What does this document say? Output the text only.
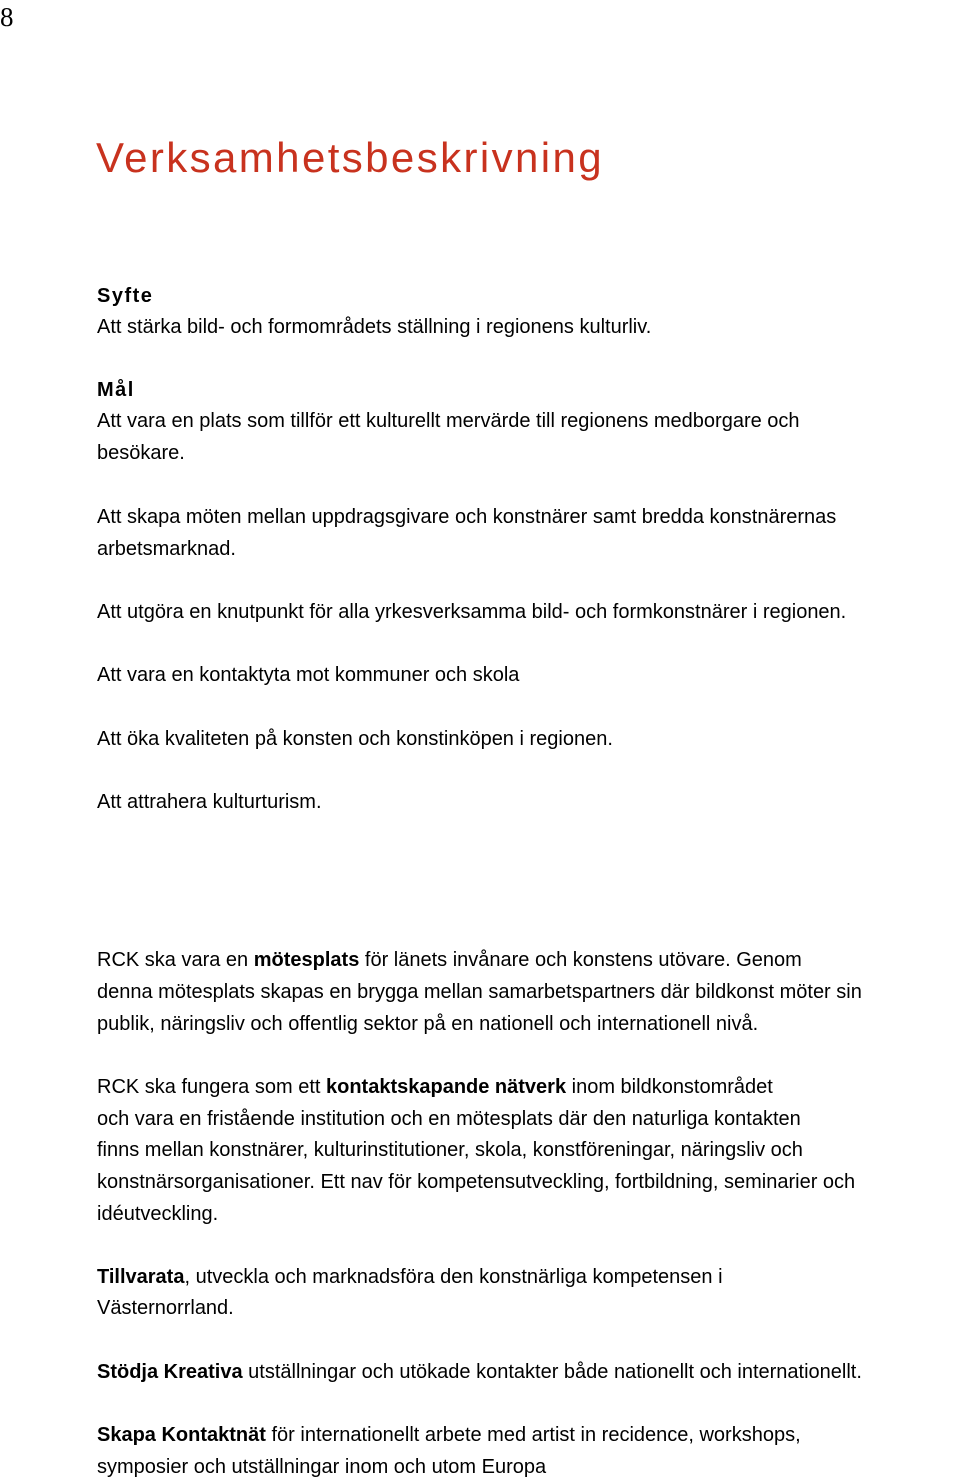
8
Verksamhetsbeskrivning
Syfte
Att stärka bild- och formområdets ställning i regionens kulturliv.
Mål
Att vara en plats som tillför ett kulturellt mervärde till regionens medborgare och
besökare.
Att skapa möten mellan uppdragsgivare och konstnärer samt bredda konstnärernas
arbetsmarknad.
Att utgöra en knutpunkt för alla yrkesverksamma bild- och formkonstnärer i regionen.
Att vara en kontaktyta mot kommuner och skola
Att öka kvaliteten på konsten och konstinköpen i regionen.
Att attrahera kulturturism.
RCK ska vara en mötesplats för länets invånare och konstens utövare. Genom
denna mötesplats skapas en brygga mellan samarbetspartners där bildkonst möter sin
publik, näringsliv och offentlig sektor på en nationell och internationell nivå.
RCK ska fungera som ett kontaktskapande nätverk inom bildkonstområdet
och vara en fristående institution och en mötesplats där den naturliga kontakten
finns mellan konstnärer, kulturinstitutioner, skola, konstföreningar, näringsliv och
konstnärsorganisationer. Ett nav för kompetensutveckling, fortbildning, seminarier och
idéutveckling.
Tillvarata, utveckla och marknadsföra den konstnärliga kompetensen i
Västernorrland.
Stödja Kreativa utställningar och utökade kontakter både nationellt och internationellt.
Skapa Kontaktnät för internationellt arbete med artist in recidence, workshops,
symposier och utställningar inom och utom Europa
